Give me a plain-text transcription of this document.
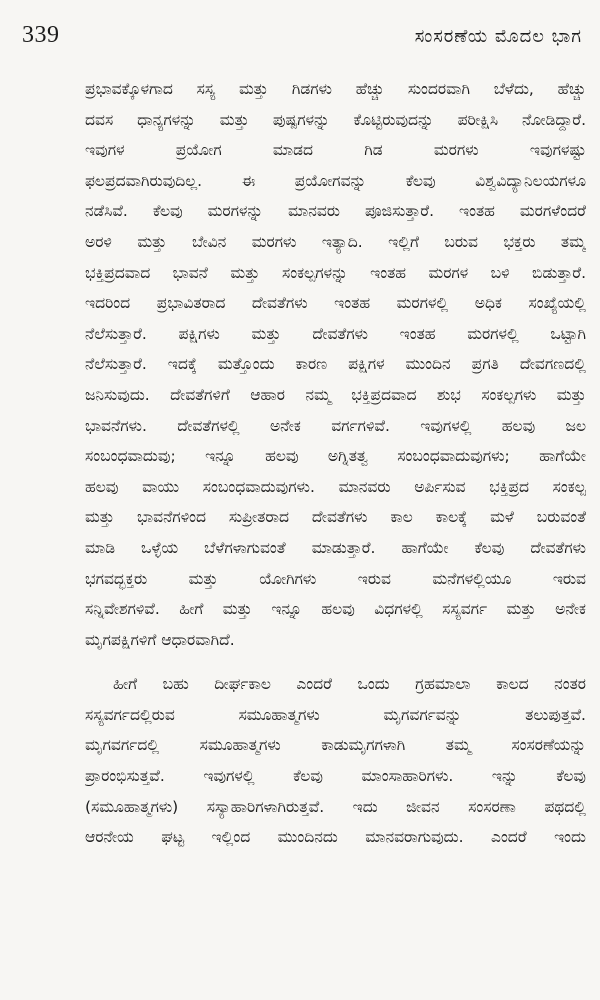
339	ಸಂಸರಣೆಯ ಮೊದಲ ಭಾಗ
ಪ್ರಭಾವಕ್ಕೊಳಗಾದ ಸಸ್ಯ ಮತ್ತು ಗಿಡಗಳು ಹೆಚ್ಚು ಸುಂದರವಾಗಿ ಬೆಳೆದು, ಹೆಚ್ಚು
ದವಸ ಧಾನ್ಯಗಳನ್ನು ಮತ್ತು ಪುಷ್ಪಗಳನ್ನು ಕೊಟ್ಟಿರುವುದನ್ನು ಪರೀಕ್ಷಿಸಿ ನೋಡಿದ್ದಾರೆ.
ಇವುಗಳ ಪ್ರಯೋಗ ಮಾಡದ ಗಿಡ ಮರಗಳು ಇವುಗಳಷ್ಟು
ಫಲಪ್ರದವಾಗಿರುವುದಿಲ್ಲ. ಈ ಪ್ರಯೋಗವನ್ನು ಕೆಲವು ವಿಶ್ವವಿದ್ಯಾನಿಲಯಗಳೂ
ನಡೆಸಿವೆ. ಕೆಲವು ಮರಗಳನ್ನು ಮಾನವರು ಪೂಜಿಸುತ್ತಾರೆ. ಇಂತಹ ಮರಗಳೆಂದರೆ
ಅರಳಿ ಮತ್ತು ಬೇವಿನ ಮರಗಳು ಇತ್ಯಾದಿ. ಇಲ್ಲಿಗೆ ಬರುವ ಭಕ್ತರು ತಮ್ಮ
ಭಕ್ತಿಪ್ರದವಾದ ಭಾವನೆ ಮತ್ತು ಸಂಕಲ್ಪಗಳನ್ನು ಇಂತಹ ಮರಗಳ ಬಳಿ ಬಿಡುತ್ತಾರೆ.
ಇದರಿಂದ ಪ್ರಭಾವಿತರಾದ ದೇವತೆಗಳು ಇಂತಹ ಮರಗಳಲ್ಲಿ ಅಧಿಕ ಸಂಖ್ಯೆಯಲ್ಲಿ
ನೆಲೆಸುತ್ತಾರೆ. ಪಕ್ಷಿಗಳು ಮತ್ತು ದೇವತೆಗಳು ಇಂತಹ ಮರಗಳಲ್ಲಿ ಒಟ್ಟಾಗಿ
ನೆಲೆಸುತ್ತಾರೆ. ಇದಕ್ಕೆ ಮತ್ತೊಂದು ಕಾರಣ ಪಕ್ಷಿಗಳ ಮುಂದಿನ ಪ್ರಗತಿ ದೇವಗಣದಲ್ಲಿ
ಜನಿಸುವುದು. ದೇವತೆಗಳಿಗೆ ಆಹಾರ ನಮ್ಮ ಭಕ್ತಿಪ್ರದವಾದ ಶುಭ ಸಂಕಲ್ಪಗಳು ಮತ್ತು
ಭಾವನೆಗಳು. ದೇವತೆಗಳಲ್ಲಿ ಅನೇಕ ವರ್ಗಗಳಿವೆ. ಇವುಗಳಲ್ಲಿ ಹಲವು ಜಲ
ಸಂಬಂಧವಾದುವು; ಇನ್ನೂ ಹಲವು ಅಗ್ನಿತತ್ವ ಸಂಬಂಧವಾದುವುಗಳು; ಹಾಗೆಯೇ
ಹಲವು ವಾಯು ಸಂಬಂಧವಾದುವುಗಳು. ಮಾನವರು ಅರ್ಪಿಸುವ ಭಕ್ತಿಪ್ರದ ಸಂಕಲ್ಪ
ಮತ್ತು ಭಾವನೆಗಳಿಂದ ಸುಪ್ರೀತರಾದ ದೇವತೆಗಳು ಕಾಲ ಕಾಲಕ್ಕೆ ಮಳೆ ಬರುವಂತೆ
ಮಾಡಿ ಒಳ್ಳೆಯ ಬೆಳೆಗಳಾಗುವಂತೆ ಮಾಡುತ್ತಾರೆ. ಹಾಗೆಯೇ ಕೆಲವು ದೇವತೆಗಳು
ಭಗವದ್ಭಕ್ತರು ಮತ್ತು ಯೋಗಿಗಳು ಇರುವ ಮನೆಗಳಲ್ಲಿಯೂ ಇರುವ
ಸನ್ನಿವೇಶಗಳಿವೆ. ಹೀಗೆ ಮತ್ತು ಇನ್ನೂ ಹಲವು ವಿಧಗಳಲ್ಲಿ ಸಸ್ಯವರ್ಗ ಮತ್ತು ಅನೇಕ
ಮೃಗಪಕ್ಷಿಗಳಿಗೆ ಆಧಾರವಾಗಿದೆ.
ಹೀಗೆ ಬಹು ದೀರ್ಘಕಾಲ ಎಂದರೆ ಒಂದು ಗ್ರಹಮಾಲಾ ಕಾಲದ ನಂತರ
ಸಸ್ಯವರ್ಗದಲ್ಲಿರುವ ಸಮೂಹಾತ್ಮಗಳು ಮೃಗವರ್ಗವನ್ನು ತಲುಪುತ್ತವೆ.
ಮೃಗವರ್ಗದಲ್ಲಿ ಸಮೂಹಾತ್ಮಗಳು ಕಾಡುಮೃಗಗಳಾಗಿ ತಮ್ಮ ಸಂಸರಣೆಯನ್ನು
ಪ್ರಾರಂಭಿಸುತ್ತವೆ. ಇವುಗಳಲ್ಲಿ ಕೆಲವು ಮಾಂಸಾಹಾರಿಗಳು. ಇನ್ನು ಕೆಲವು
(ಸಮೂಹಾತ್ಮಗಳು) ಸಸ್ಯಾಹಾರಿಗಳಾಗಿರುತ್ತವೆ. ಇದು ಜೀವನ ಸಂಸರಣಾ ಪಥದಲ್ಲಿ
ಆರನೇಯ ಘಟ್ಟ ಇಲ್ಲಿಂದ ಮುಂದಿನದು ಮಾನವರಾಗುವುದು. ಎಂದರೆ ಇಂದು
